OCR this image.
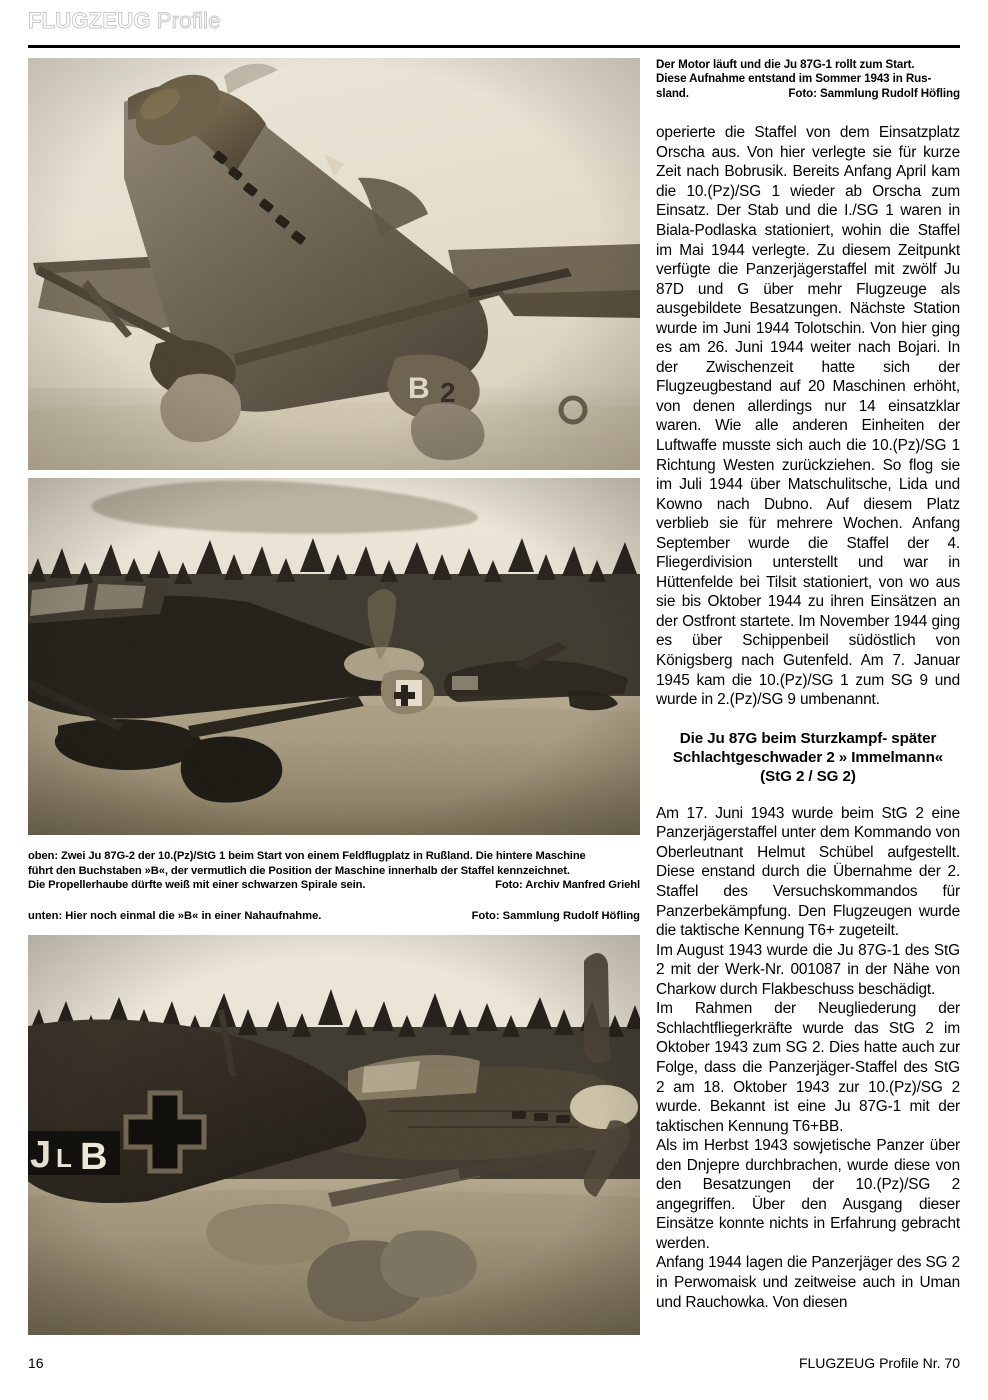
FLUGZEUG Profile
oben: Zwei Ju 87G-2 der 10.(Pz)/StG 1 beim Start von einem Feldflugplatz in Rußland. Die hintere Maschine
führt den Buchstaben »B«, der vermutlich die Position der Maschine innerhalb der Staffel kennzeichnet.
Die Propellerhaube dürfte weiß mit einer schwarzen Spirale sein.	Foto: Archiv Manfred Griehl
unten: Hier noch einmal die »B« in einer Nahaufnahme.	Foto: Sammlung Rudolf Höfling
Der Motor läuft und die Ju 87G-1 rollt zum Start.
Diese Aufnahme entstand im Sommer 1943 in Rus-
sland.	Foto: Sammlung Rudolf Höfling

operierte die Staffel von dem Einsatzplatz Orscha aus. Von hier verlegte sie für kurze Zeit nach Bobrusik. Bereits Anfang April kam die 10.(Pz)/SG 1 wieder ab Orscha zum Einsatz. Der Stab und die I./SG 1 waren in Biala-Podlaska stationiert, wohin die Staffel im Mai 1944 verlegte. Zu diesem Zeitpunkt verfügte die Panzerjägerstaffel mit zwölf Ju 87D und G über mehr Flugzeuge als ausgebildete Besatzungen. Nächste Station wurde im Juni 1944 Tolotschin. Von hier ging es am 26. Juni 1944 weiter nach Bojari. In der Zwischenzeit hatte sich der Flugzeugbestand auf 20 Maschinen erhöht, von denen allerdings nur 14 einsatzklar waren. Wie alle anderen Einheiten der Luftwaffe musste sich auch die 10.(Pz)/SG 1 Richtung Westen zurückziehen. So flog sie im Juli 1944 über Matschulitsche, Lida und Kowno nach Dubno. Auf diesem Platz verblieb sie für mehrere Wochen. Anfang September wurde die Staffel der 4. Fliegerdivision unterstellt und war in Hüttenfelde bei Tilsit stationiert, von wo aus sie bis Oktober 1944 zu ihren Einsätzen an der Ostfront startete. Im November 1944 ging es über Schippenbeil südöstlich von Königsberg nach Gutenfeld. Am 7. Januar 1945 kam die 10.(Pz)/SG 1 zum SG 9 und wurde in 2.(Pz)/SG 9 umbenannt.

Die Ju 87G beim Sturzkampf- später
Schlachtgeschwader 2 » Immelmann«
(StG 2 / SG 2)

Am 17. Juni 1943 wurde beim StG 2 eine Panzerjägerstaffel unter dem Kommando von Oberleutnant Helmut Schübel aufgestellt. Diese enstand durch die Übernahme der 2. Staffel des Versuchskommandos für Panzerbekämpfung. Den Flugzeugen wurde die taktische Kennung T6+ zugeteilt.

Im August 1943 wurde die Ju 87G-1 des StG 2 mit der Werk-Nr. 001087 in der Nähe von Charkow durch Flakbeschuss beschädigt.

Im Rahmen der Neugliederung der Schlachtfliegerkräfte wurde das StG 2 im Oktober 1943 zum SG 2. Dies hatte auch zur Folge, dass die Panzerjäger-Staffel des StG 2 am 18. Oktober 1943 zur 10.(Pz)/SG 2 wurde. Bekannt ist eine Ju 87G-1 mit der taktischen Kennung T6+BB.

Als im Herbst 1943 sowjetische Panzer über den Dnjepre durchbrachen, wurde diese von den Besatzungen der 10.(Pz)/SG 2 angegriffen. Über den Ausgang dieser Einsätze konnte nichts in Erfahrung gebracht werden.

Anfang 1944 lagen die Panzerjäger des SG 2 in Perwomaisk und zeitweise auch in Uman und Rauchowka. Von diesen

16	FLUGZEUG Profile Nr. 70
